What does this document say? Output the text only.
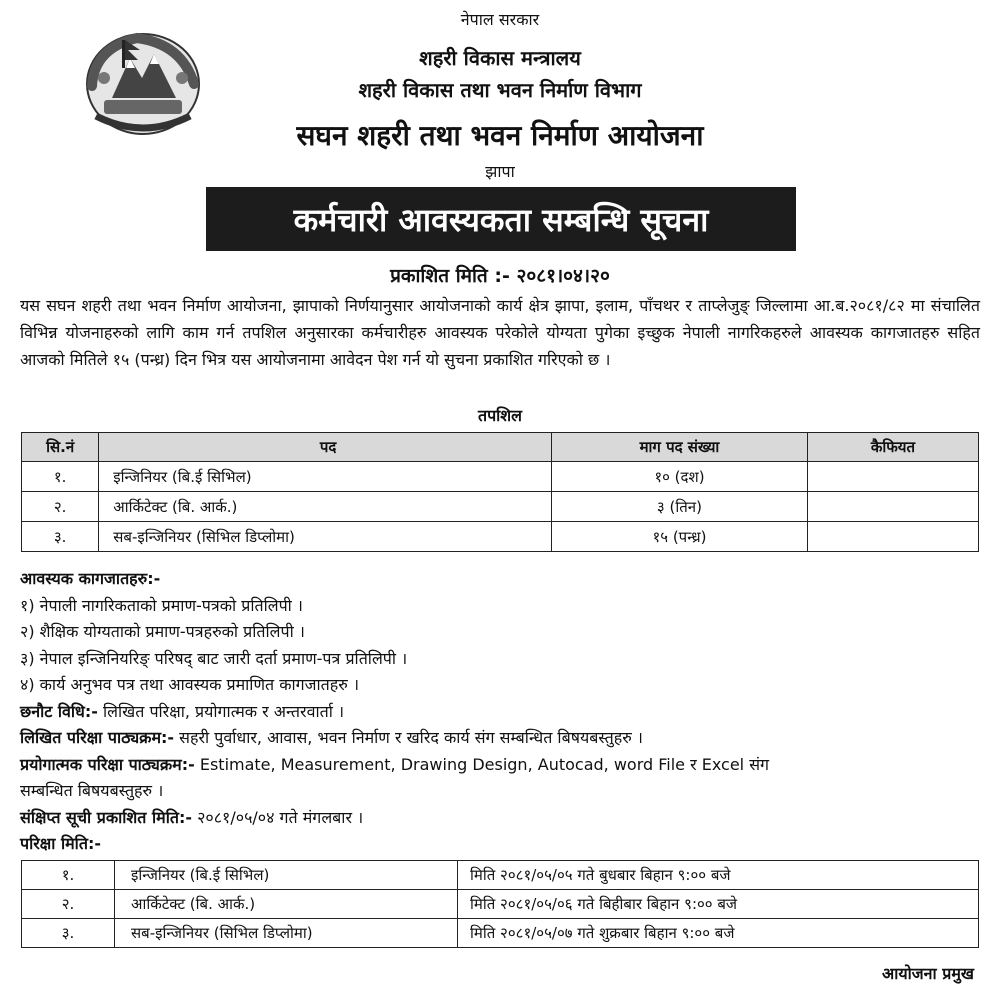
नेपाल सरकार
शहरी विकास मन्त्रालय
शहरी विकास तथा भवन निर्माण विभाग
सघन शहरी तथा भवन निर्माण आयोजना
झापा
कर्मचारी आवस्यकता सम्बन्धि सूचना
प्रकाशित मिति :- २०८१।०४।२०
यस सघन शहरी तथा भवन निर्माण आयोजना, झापाको निर्णयानुसार आयोजनाको कार्य क्षेत्र झापा, इलाम, पाँचथर र ताप्लेजुङ् जिल्लामा आ.ब.२०८१/८२ मा संचालित विभिन्न योजनाहरुको लागि काम गर्न तपशिल अनुसारका कर्मचारीहरु आवस्यक परेकोले योग्यता पुगेका इच्छुक नेपाली नागरिकहरुले आवस्यक कागजातहरु सहित आजको मितिले १५ (पन्ध्र) दिन भित्र यस आयोजनामा आवेदन पेश गर्न यो सुचना प्रकाशित गरिएको छ ।
तपशिल
सि.नं	पद	माग पद संख्या	कैफियत
१.	इन्जिनियर (बि.ई सिभिल)	१० (दश)	
२.	आर्किटेक्ट (बि. आर्क.)	३ (तिन)	
३.	सब-इन्जिनियर (सिभिल डिप्लोमा)	१५ (पन्ध्र)	
आवस्यक कागजातहरु:-
१) नेपाली नागरिकताको प्रमाण-पत्रको प्रतिलिपी ।
२) शैक्षिक योग्यताको प्रमाण-पत्रहरुको प्रतिलिपी ।
३) नेपाल इन्जिनियरिङ् परिषद् बाट जारी दर्ता प्रमाण-पत्र प्रतिलिपी ।
४) कार्य अनुभव पत्र तथा आवस्यक प्रमाणित कागजातहरु ।
छनौट विधि:- लिखित परिक्षा, प्रयोगात्मक र अन्तरवार्ता ।
लिखित परिक्षा पाठ्यक्रम:- सहरी पुर्वाधार, आवास, भवन निर्माण र खरिद कार्य संग सम्बन्धित बिषयबस्तुहरु ।
प्रयोगात्मक परिक्षा पाठ्यक्रम:- Estimate, Measurement, Drawing Design, Autocad, word File र Excel संग
सम्बन्धित बिषयबस्तुहरु ।
संक्षिप्त सूची प्रकाशित मिति:- २०८१/०५/०४ गते मंगलबार ।
परिक्षा मिति:-
१.	इन्जिनियर (बि.ई सिभिल)	मिति २०८१/०५/०५ गते बुधबार बिहान ९:०० बजे
२.	आर्किटेक्ट (बि. आर्क.)	मिति २०८१/०५/०६ गते बिहीबार बिहान ९:०० बजे
३.	सब-इन्जिनियर (सिभिल डिप्लोमा)	मिति २०८१/०५/०७ गते शुक्रबार बिहान ९:०० बजे
आयोजना प्रमुख
